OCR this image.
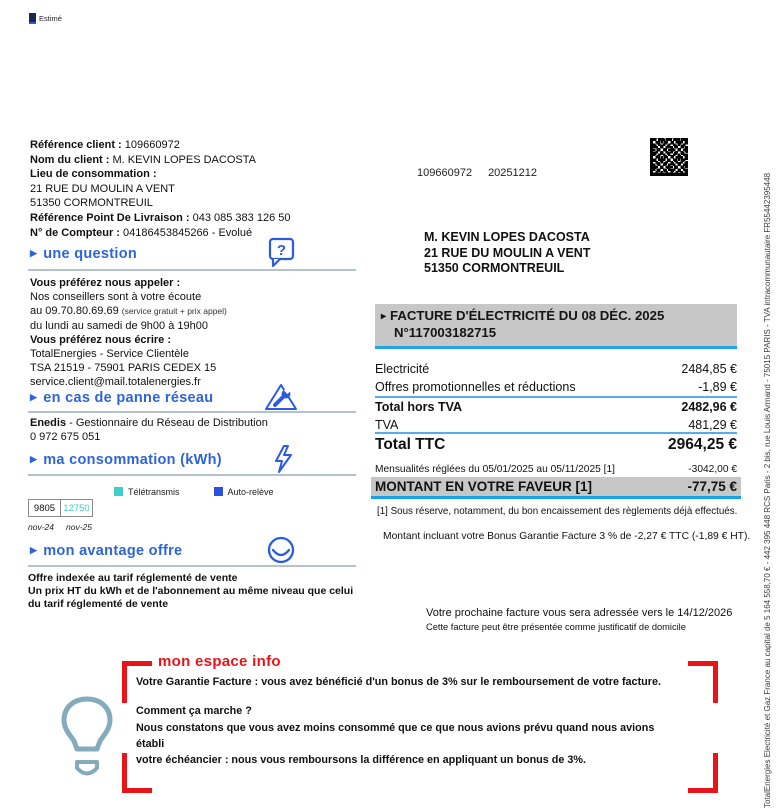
Estimé
Référence client : 109660972
Nom du client : M. KEVIN LOPES DACOSTA
Lieu de consommation :
21 RUE DU MOULIN A VENT
51350 CORMONTREUIL
Référence Point De Livraison : 043 085 383 126 50
N° de Compteur : 04186453845266 - Evolué
▶ une question	?
Vous préférez nous appeler :
Nos conseillers sont à votre écoute
au 09.70.80.69.69 (service gratuit + prix appel)
du lundi au samedi de 9h00 à 19h00
Vous préférez nous écrire :
TotalEnergies - Service Clientèle
TSA 21519 - 75901 PARIS CEDEX 15
service.client@mail.totalenergies.fr
▶ en cas de panne réseau
Enedis - Gestionnaire du Réseau de Distribution
0 972 675 051
▶ ma consommation (kWh)
Télétransmis	Auto-relève
9805 12750
nov-24 nov-25
▶ mon avantage offre
Offre indexée au tarif réglementé de vente
Un prix HT du kWh et de l'abonnement au même niveau que celui
du tarif réglementé de vente
109660972 20251212
M. KEVIN LOPES DACOSTA
21 RUE DU MOULIN A VENT
51350 CORMONTREUIL
▸ FACTURE D'ÉLECTRICITÉ DU 08 DÉC. 2025
N°117003182715
Electricité	2484,85 €
Offres promotionnelles et réductions	-1,89 €
Total hors TVA	2482,96 €
TVA	481,29 €
Total TTC	2964,25 €
Mensualités réglées du 05/01/2025 au 05/11/2025 [1]	-3042,00 €
MONTANT EN VOTRE FAVEUR [1]	-77,75 €
[1] Sous réserve, notamment, du bon encaissement des règlements déjà effectués.
Montant incluant votre Bonus Garantie Facture 3 % de -2,27 € TTC (-1,89 € HT).
Votre prochaine facture vous sera adressée vers le 14/12/2026
Cette facture peut être présentée comme justificatif de domicile
mon espace info
Votre Garantie Facture : vous avez bénéficié d'un bonus de 3% sur le remboursement de votre facture.
Comment ça marche ?
Nous constatons que vous avez moins consommé que ce que nous avions prévu quand nous avions
établi
votre échéancier : nous vous remboursons la différence en appliquant un bonus de 3%.	TotalEnergies Electricité et Gaz France au capital de 5 164 558,70 € - 442 395 448 RCS Paris - 2 bis, rue Louis Armand - 75015 PARIS - TVA intracommunautaire FR55442395448
